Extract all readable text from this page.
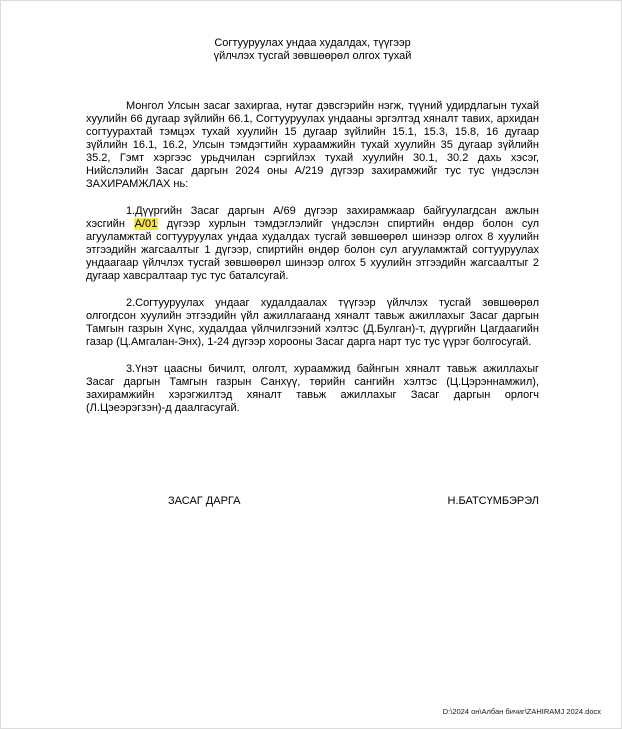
Согтууруулах ундаа худалдах, түүгээр
үйлчлэх тусгай зөвшөөрөл олгох тухай

Монгол Улсын засаг захиргаа, нутаг дэвсгэрийн нэгж, түүний удирдлагын тухай хуулийн 66 дугаар зүйлийн 66.1, Согтууруулах ундааны эргэлтэд хяналт тавих, архидан согтуурахтай тэмцэх тухай хуулийн 15 дугаар зүйлийн 15.1, 15.3, 15.8, 16 дугаар зүйлийн 16.1, 16.2, Улсын тэмдэгтийн хураамжийн тухай хуулийн 35 дугаар зүйлийн 35.2, Гэмт хэргээс урьдчилан сэргийлэх тухай хуулийн 30.1, 30.2 дахь хэсэг, Нийслэлийн Засаг даргын 2024 оны А/219 дүгээр захирамжийг тус тус үндэслэн ЗАХИРАМЖЛАХ нь:

1.Дүүргийн Засаг даргын А/69 дүгээр захирамжаар байгуулагдсан ажлын хэсгийн А/01 дүгээр хурлын тэмдэглэлийг үндэслэн спиртийн өндөр болон сул агууламжтай согтууруулах ундаа худалдах тусгай зөвшөөрөл шинээр олгох 8 хуулийн этгээдийн жагсаалтыг 1 дүгээр, спиртийн өндөр болон сул агууламжтай согтууруулах ундаагаар үйлчлэх тусгай зөвшөөрөл шинээр олгох 5 хуулийн этгээдийн жагсаалтыг 2 дугаар хавсралтаар тус тус баталсугай.

2.Согтууруулах ундааг худалдаалах түүгээр үйлчлэх тусгай зөвшөөрөл олгогдсон хуулийн этгээдийн үйл ажиллагаанд хяналт тавьж ажиллахыг Засаг даргын Тамгын газрын Хүнс, худалдаа үйлчилгээний хэлтэс (Д.Булган)-т, дүүргийн Цагдаагийн газар (Ц.Амгалан-Энх), 1-24 дүгээр хорооны Засаг дарга нарт тус тус үүрэг болгосугай.

3.Үнэт цаасны бичилт, олголт, хураамжид байнгын хяналт тавьж ажиллахыг Засаг даргын Тамгын газрын Санхүү, төрийн сангийн хэлтэс (Ц.Цэрэннамжил), захирамжийн хэрэгжилтэд хяналт тавьж ажиллахыг Засаг даргын орлогч (Л.Цэеэрэгзэн)-д даалгасугай.

ЗАСАГ ДАРГА	Н.БАТСҮМБЭРЭЛ
D:\2024 он\Албан бичиг\ZAHIRAMJ 2024.docx
